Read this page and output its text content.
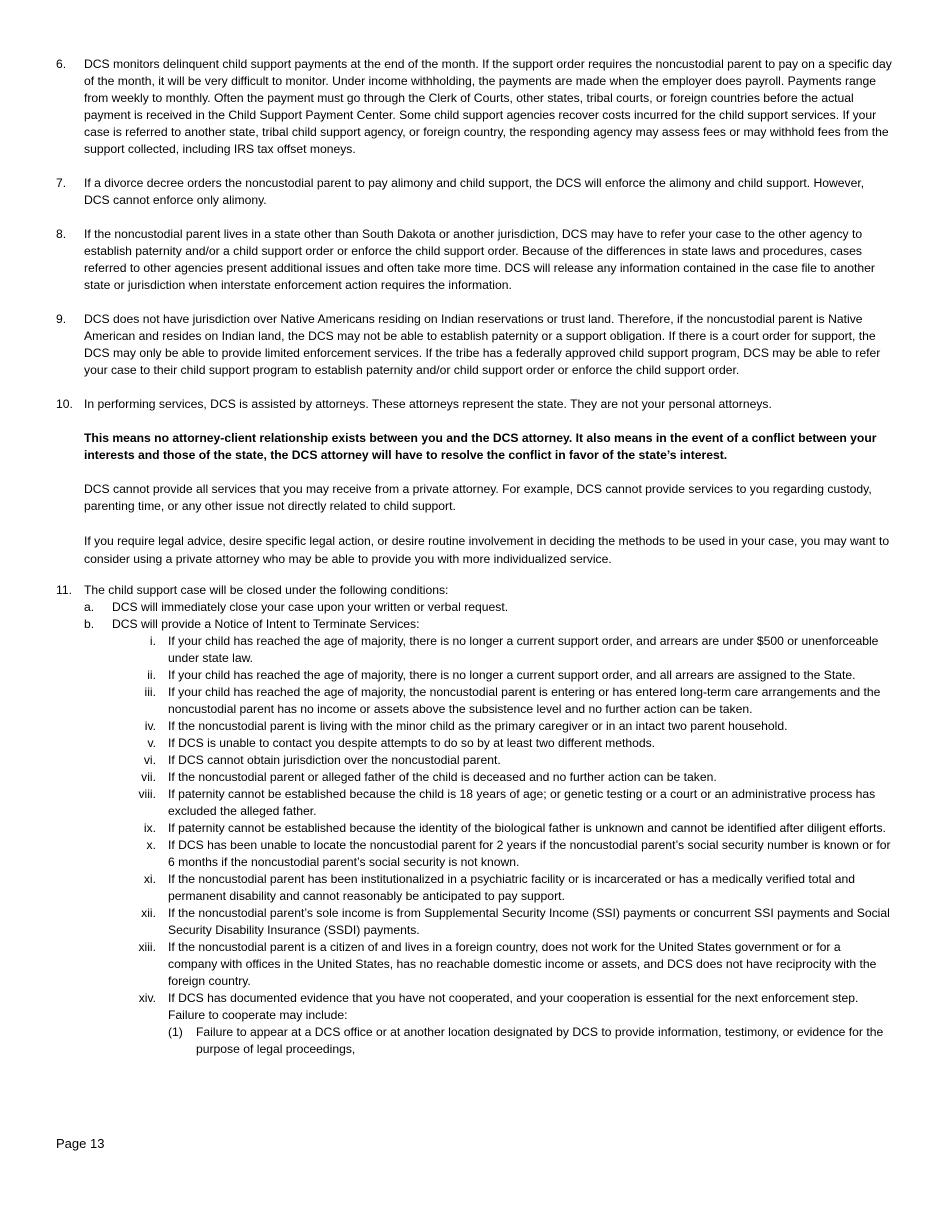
6. DCS monitors delinquent child support payments at the end of the month. If the support order requires the noncustodial parent to pay on a specific day of the month, it will be very difficult to monitor. Under income withholding, the payments are made when the employer does payroll. Payments range from weekly to monthly. Often the payment must go through the Clerk of Courts, other states, tribal courts, or foreign countries before the actual payment is received in the Child Support Payment Center. Some child support agencies recover costs incurred for the child support services. If your case is referred to another state, tribal child support agency, or foreign country, the responding agency may assess fees or may withhold fees from the support collected, including IRS tax offset moneys.

7. If a divorce decree orders the noncustodial parent to pay alimony and child support, the DCS will enforce the alimony and child support. However, DCS cannot enforce only alimony.

8. If the noncustodial parent lives in a state other than South Dakota or another jurisdiction, DCS may have to refer your case to the other agency to establish paternity and/or a child support order or enforce the child support order. Because of the differences in state laws and procedures, cases referred to other agencies present additional issues and often take more time. DCS will release any information contained in the case file to another state or jurisdiction when interstate enforcement action requires the information.

9. DCS does not have jurisdiction over Native Americans residing on Indian reservations or trust land. Therefore, if the noncustodial parent is Native American and resides on Indian land, the DCS may not be able to establish paternity or a support obligation. If there is a court order for support, the DCS may only be able to provide limited enforcement services. If the tribe has a federally approved child support program, DCS may be able to refer your case to their child support program to establish paternity and/or child support order or enforce the child support order.

10. In performing services, DCS is assisted by attorneys. These attorneys represent the state. They are not your personal attorneys.

This means no attorney-client relationship exists between you and the DCS attorney. It also means in the event of a conflict between your interests and those of the state, the DCS attorney will have to resolve the conflict in favor of the state’s interest.

DCS cannot provide all services that you may receive from a private attorney. For example, DCS cannot provide services to you regarding custody, parenting time, or any other issue not directly related to child support.

If you require legal advice, desire specific legal action, or desire routine involvement in deciding the methods to be used in your case, you may want to consider using a private attorney who may be able to provide you with more individualized service.

11. The child support case will be closed under the following conditions:

a. DCS will immediately close your case upon your written or verbal request.

b. DCS will provide a Notice of Intent to Terminate Services:

i. If your child has reached the age of majority, there is no longer a current support order, and arrears are under $500 or unenforceable under state law.

ii. If your child has reached the age of majority, there is no longer a current support order, and all arrears are assigned to the State.

iii. If your child has reached the age of majority, the noncustodial parent is entering or has entered long-term care arrangements and the noncustodial parent has no income or assets above the subsistence level and no further action can be taken.

iv. If the noncustodial parent is living with the minor child as the primary caregiver or in an intact two parent household.

v. If DCS is unable to contact you despite attempts to do so by at least two different methods.

vi. If DCS cannot obtain jurisdiction over the noncustodial parent.

vii. If the noncustodial parent or alleged father of the child is deceased and no further action can be taken.

viii. If paternity cannot be established because the child is 18 years of age; or genetic testing or a court or an administrative process has excluded the alleged father.

ix. If paternity cannot be established because the identity of the biological father is unknown and cannot be identified after diligent efforts.

x. If DCS has been unable to locate the noncustodial parent for 2 years if the noncustodial parent’s social security number is known or for 6 months if the noncustodial parent’s social security is not known.

xi. If the noncustodial parent has been institutionalized in a psychiatric facility or is incarcerated or has a medically verified total and permanent disability and cannot reasonably be anticipated to pay support.

xii. If the noncustodial parent’s sole income is from Supplemental Security Income (SSI) payments or concurrent SSI payments and Social Security Disability Insurance (SSDI) payments.

xiii. If the noncustodial parent is a citizen of and lives in a foreign country, does not work for the United States government or for a company with offices in the United States, has no reachable domestic income or assets, and DCS does not have reciprocity with the foreign country.

xiv. If DCS has documented evidence that you have not cooperated, and your cooperation is essential for the next enforcement step.

Failure to cooperate may include:

(1) Failure to appear at a DCS office or at another location designated by DCS to provide information, testimony, or evidence for the purpose of legal proceedings,

Page 13
